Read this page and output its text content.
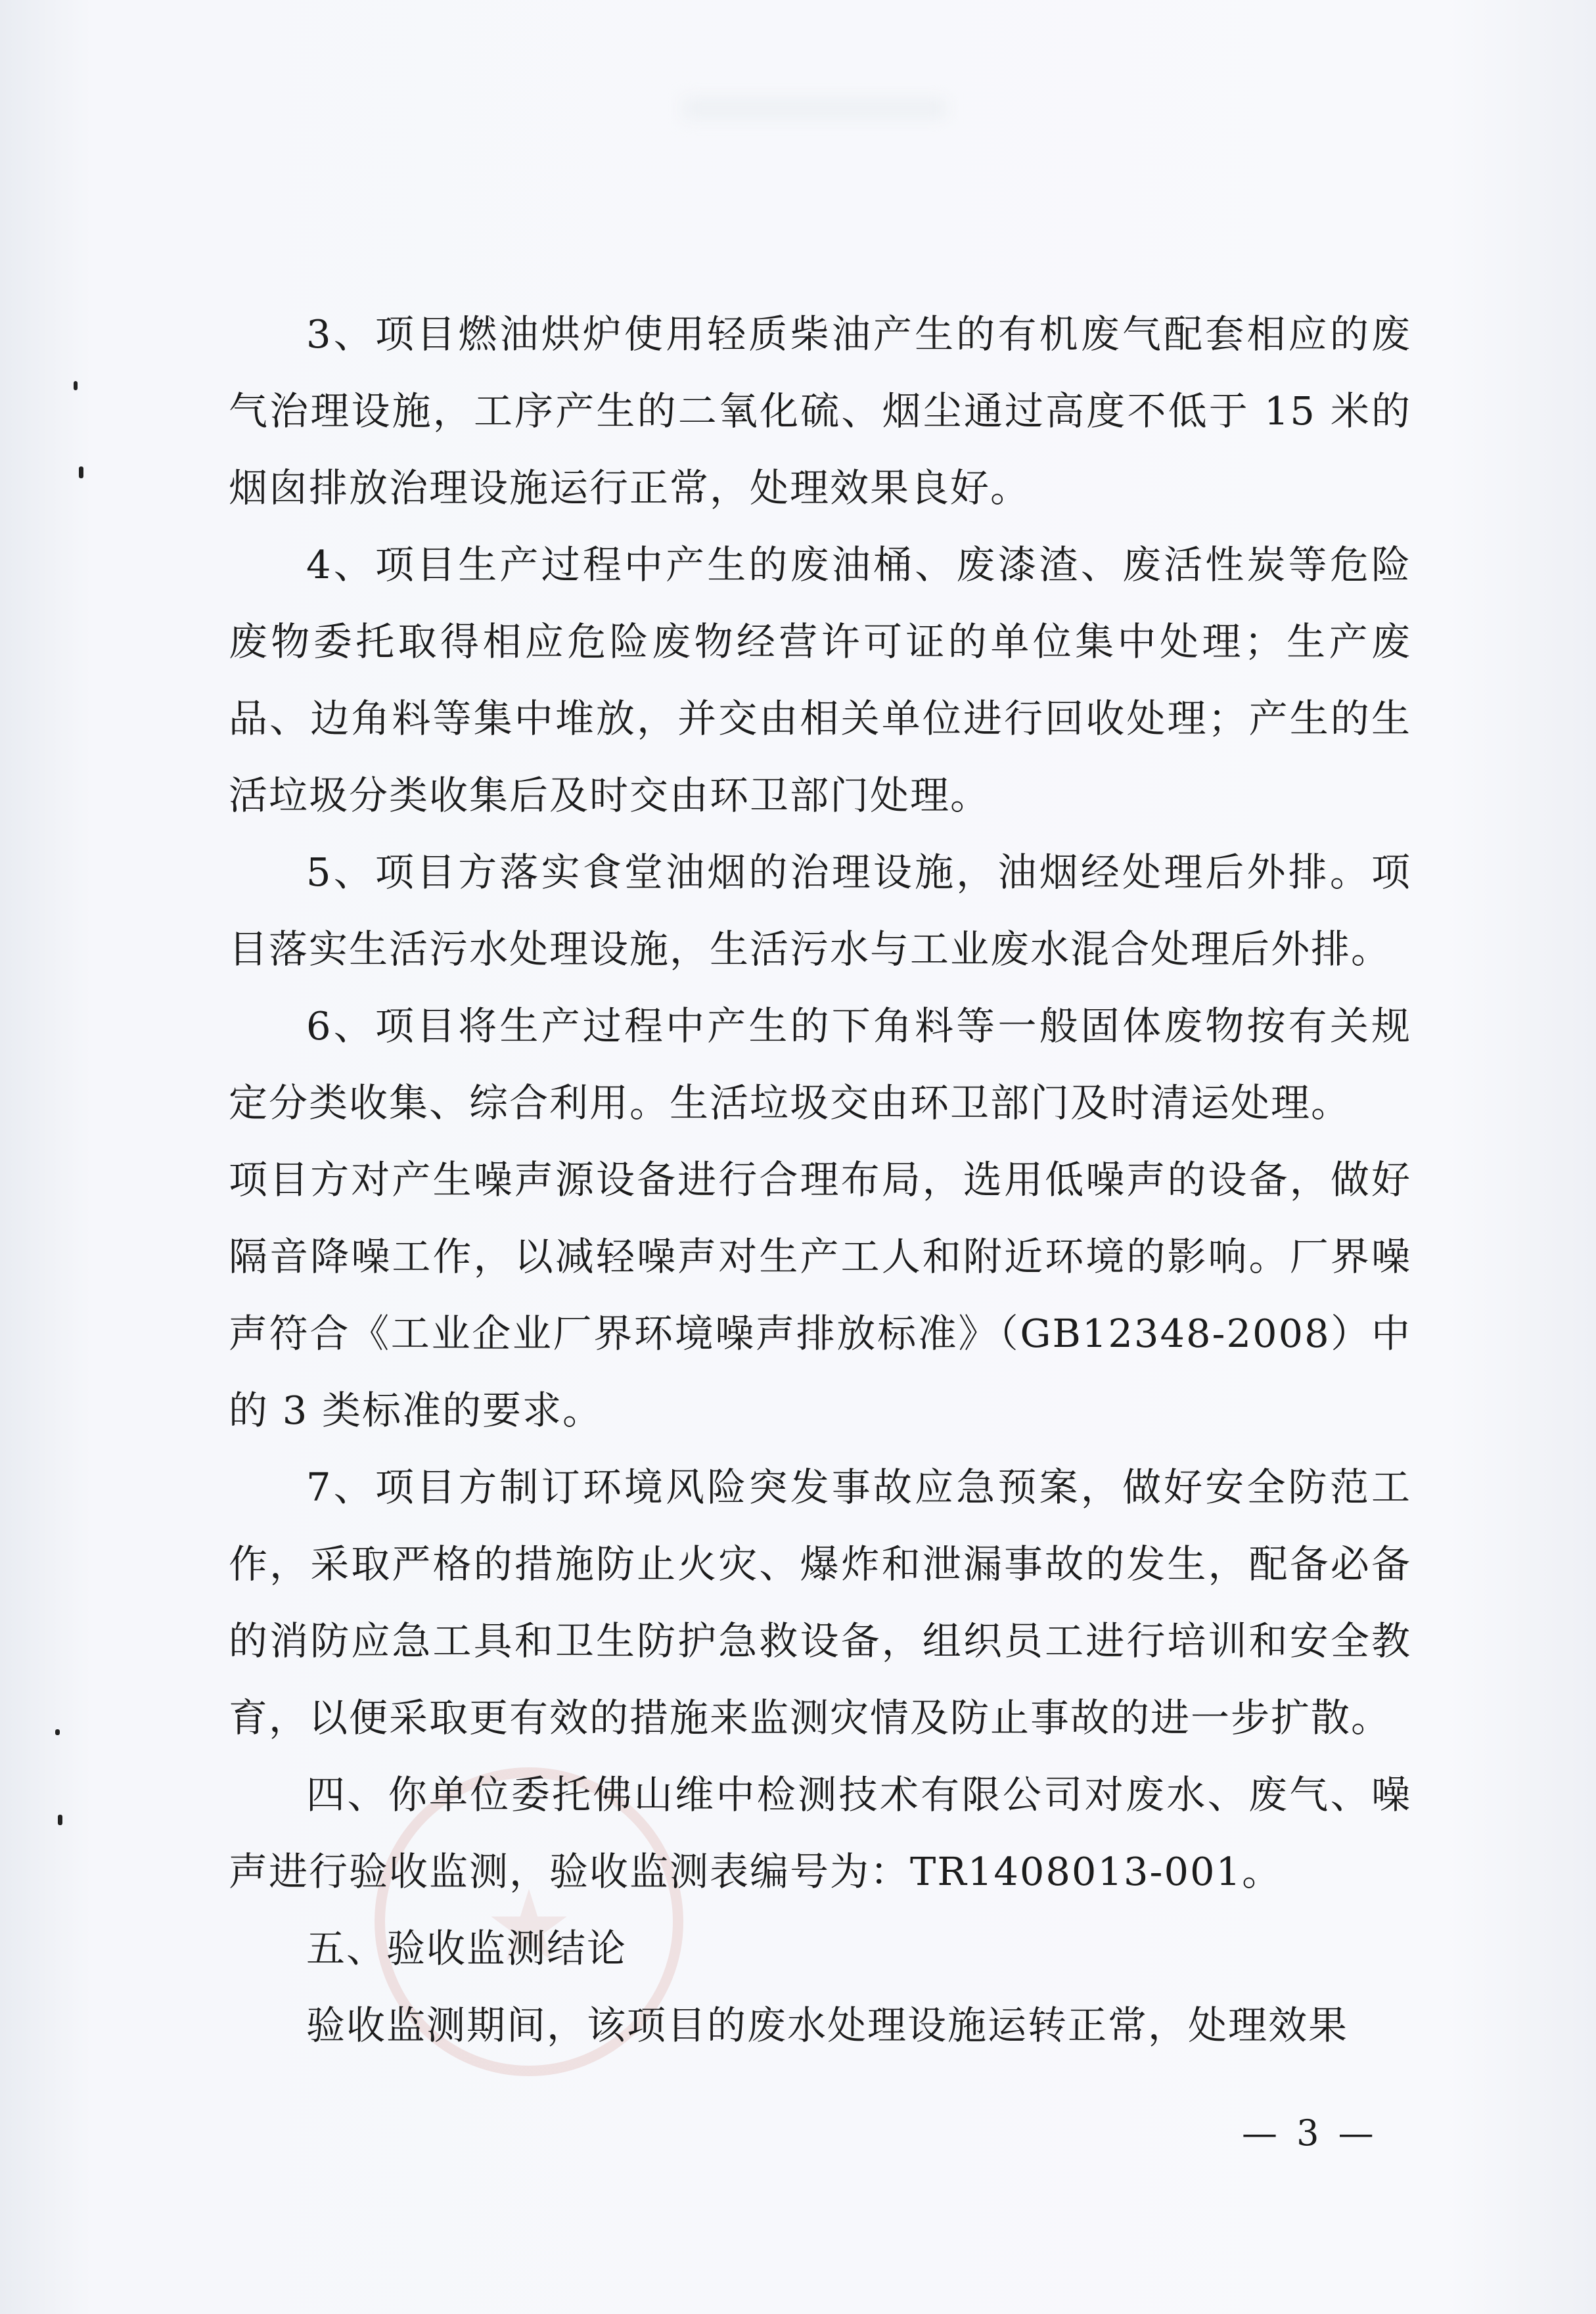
3、项目燃油烘炉使用轻质柴油产生的有机废气配套相应的废气治理设施，工序产生的二氧化硫、烟尘通过高度不低于 15 米的烟囱排放治理设施运行正常，处理效果良好。

4、项目生产过程中产生的废油桶、废漆渣、废活性炭等危险废物委托取得相应危险废物经营许可证的单位集中处理；生产废品、边角料等集中堆放，并交由相关单位进行回收处理；产生的生活垃圾分类收集后及时交由环卫部门处理。

5、项目方落实食堂油烟的治理设施，油烟经处理后外排。项目落实生活污水处理设施，生活污水与工业废水混合处理后外排。

6、项目将生产过程中产生的下角料等一般固体废物按有关规定分类收集、综合利用。生活垃圾交由环卫部门及时清运处理。

项目方对产生噪声源设备进行合理布局，选用低噪声的设备，做好隔音降噪工作，以减轻噪声对生产工人和附近环境的影响。厂界噪声符合《工业企业厂界环境噪声排放标准》（GB12348-2008）中的 3 类标准的要求。

7、项目方制订环境风险突发事故应急预案，做好安全防范工作，采取严格的措施防止火灾、爆炸和泄漏事故的发生，配备必备的消防应急工具和卫生防护急救设备，组织员工进行培训和安全教育，以便采取更有效的措施来监测灾情及防止事故的进一步扩散。

四、你单位委托佛山维中检测技术有限公司对废水、废气、噪声进行验收监测，验收监测表编号为：TR1408013-001。

五、验收监测结论

验收监测期间，该项目的废水处理设施运转正常，处理效果

— 3 —
